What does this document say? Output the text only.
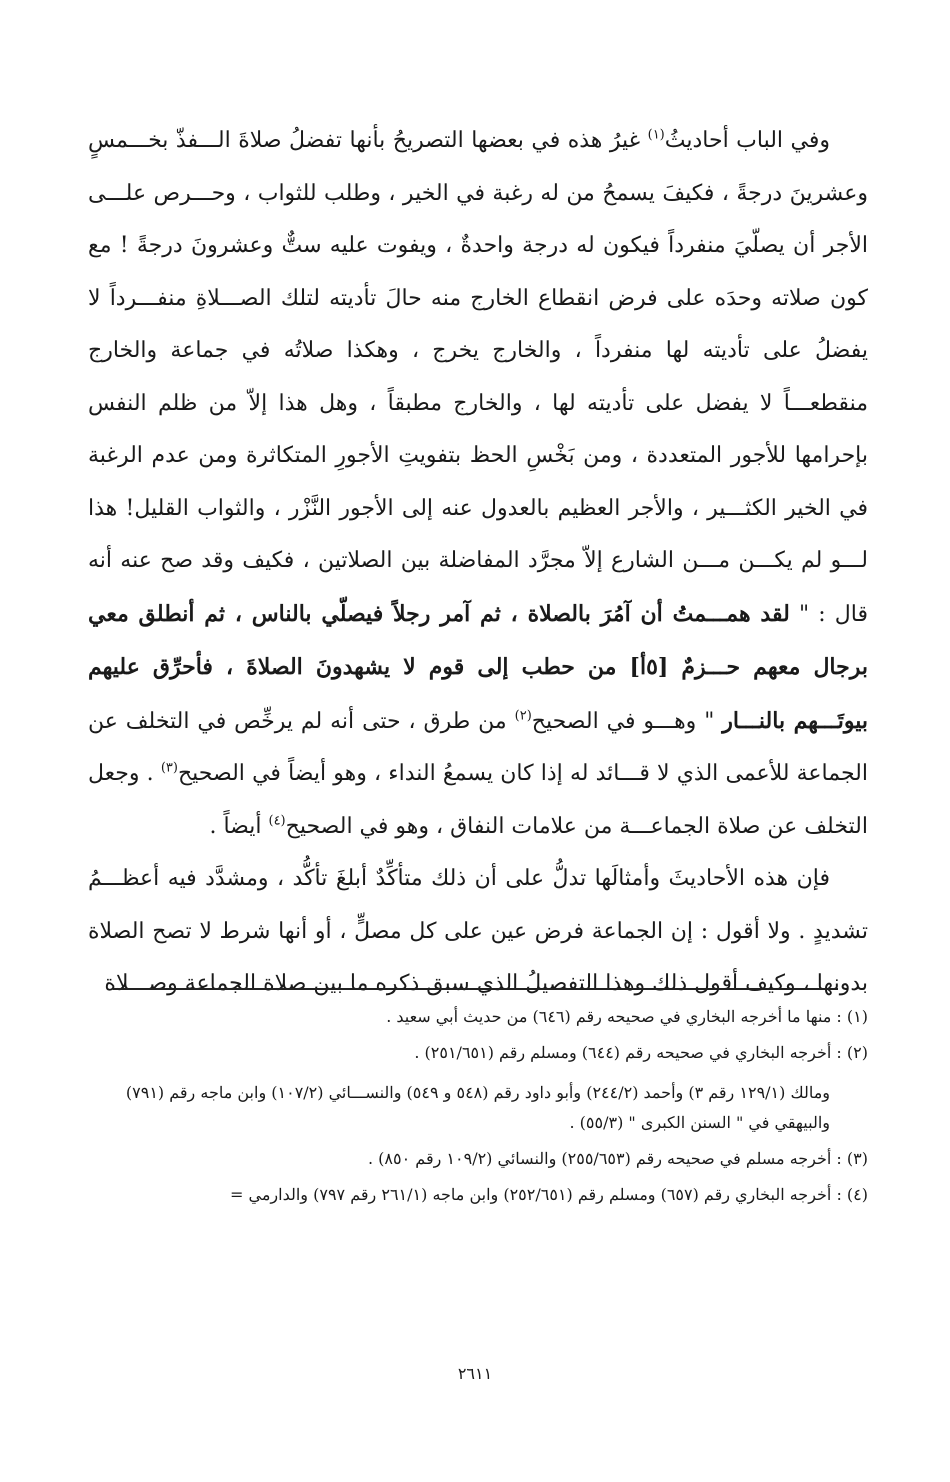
وفي الباب أحاديثُ$^{(١)}$ غيرُ هذه في بعضها التصريحُ بأنها تفضلُ صلاةَ الـــفذّ بخـــمسٍ وعشرينَ درجةً ، فكيفَ يسمحُ من له رغبة في الخير ، وطلب للثواب ، وحـــرص علـــى الأجر أن يصلّيَ منفرداً فيكون له درجة واحدةٌ ، ويفوت عليه ستٌّ وعشرونَ درجةً ! مع كون صلاته وحدَه على فرض انقطاع الخارج منه حالَ تأديته لتلك الصـــلاةِ منفـــرداً لا يفضلُ على تأديته لها منفرداً ، والخارج يخرج ، وهكذا صلاتُه في جماعة والخارج منقطعـــاً لا يفضل على تأديته لها ، والخارج مطبقاً ، وهل هذا إلاّ من ظلم النفس بإحرامها للأجور المتعددة ، ومن بَخْسِ الحظ بتفويتِ الأجورِ المتكاثرة ومن عدم الرغبة في الخير الكثـــير ، والأجر العظيم بالعدول عنه إلى الأجور النَّزْر ، والثواب القليل! هذا لـــو لم يكـــن مـــن الشارع إلاّ مجرَّد المفاضلة بين الصلاتين ، فكيف وقد صح عنه أنه قال : " لقد همـــمتُ أن آمُرَ بالصلاة ، ثم آمر رجلاً فيصلّي بالناس ، ثم أنطلق معي برجال معهم حـــزمٌ [٥أ] من حطب إلى قوم لا يشهدونَ الصلاةَ ، فأحرِّق عليهم بيوتَـــهم بالنـــار " وهـــو في الصحيح$^{(٢)}$ من طرق ، حتى أنه لم يرخِّص في التخلف عن الجماعة للأعمى الذي لا قـــائد له إذا كان يسمعُ النداء ، وهو أيضاً في الصحيح$^{(٣)}$ . وجعل التخلف عن صلاة الجماعـــة من علامات النفاق ، وهو في الصحيح$^{(٤)}$ أيضاً .

فإن هذه الأحاديثَ وأمثالَها تدلُّ على أن ذلك متأكِّدٌ أبلغَ تأكُّد ، ومشدَّد فيه أعظـــمُ تشديدٍ . ولا أقول : إن الجماعة فرض عين على كل مصلٍّ ، أو أنها شرط لا تصح الصلاة بدونها ، وكيف أقول ذلك وهذا التفصيلُ الذي سبق ذكره ما بين صلاة الجماعة وصـــلاة

(١) : منها ما أخرجه البخاري في صحيحه رقم (٦٤٦) من حديث أبي سعيد .
(٢) : أخرجه البخاري في صحيحه رقم (٦٤٤) ومسلم رقم (٢٥١/٦٥١) .
ومالك (١٢٩/١ رقم ٣) وأحمد (٢٤٤/٢) وأبو داود رقم (٥٤٨ و ٥٤٩) والنســـائي (١٠٧/٢) وابن ماجه رقم (٧٩١) والبيهقي في " السنن الكبرى " (٥٥/٣) .
(٣) : أخرجه مسلم في صحيحه رقم (٢٥٥/٦٥٣) والنسائي (١٠٩/٢ رقم ٨٥٠) .
(٤) : أخرجه البخاري رقم (٦٥٧) ومسلم رقم (٢٥٢/٦٥١) وابن ماجه (٢٦١/١ رقم ٧٩٧) والدارمي =
٢٦١١
